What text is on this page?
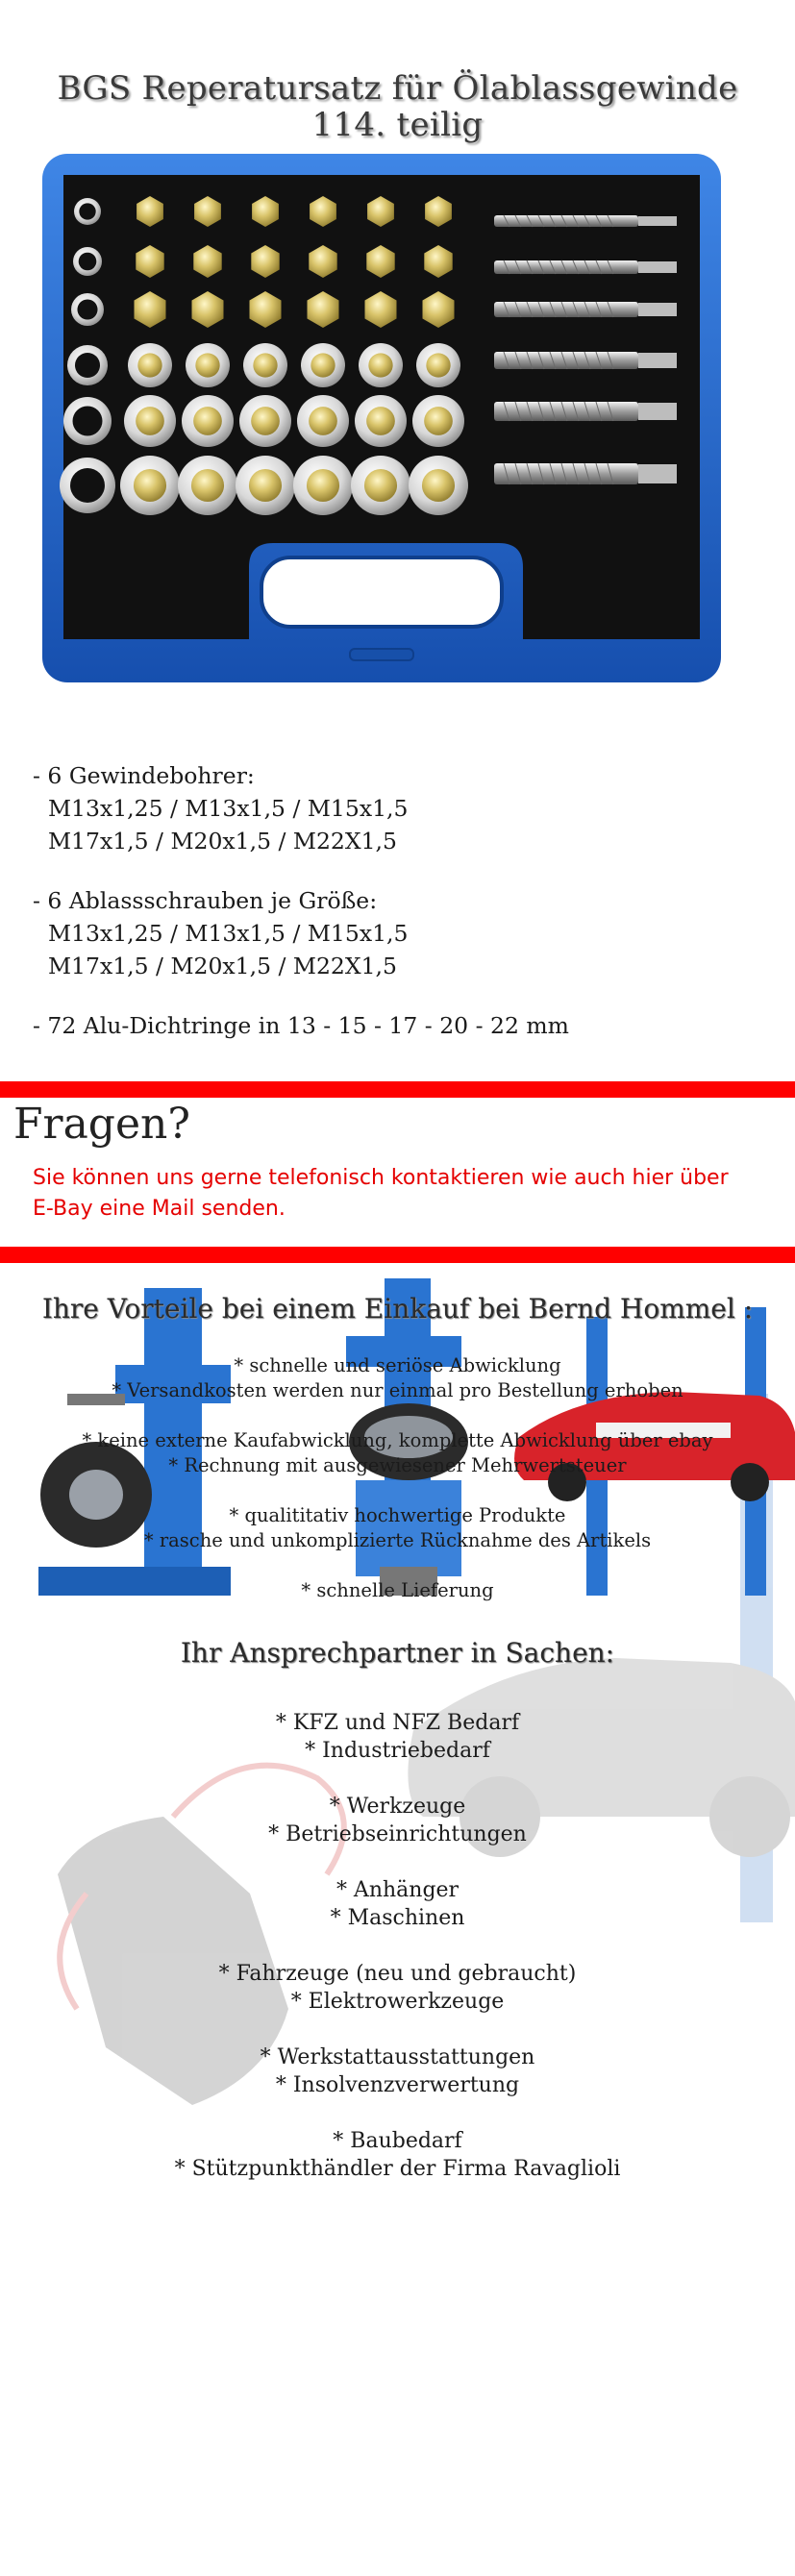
BGS Reperatursatz für Ölablassgewinde
114. teilig
- 6 Gewindebohrer:
M13x1,25 / M13x1,5 / M15x1,5
M17x1,5 / M20x1,5 / M22X1,5
- 6 Ablassschrauben je Größe:
M13x1,25 / M13x1,5 / M15x1,5
M17x1,5 / M20x1,5 / M22X1,5
- 72 Alu-Dichtringe in 13 - 15 - 17 - 20 - 22 mm
Fragen?
Sie können uns gerne telefonisch kontaktieren wie auch hier über E-Bay eine Mail senden.
Ihre Vorteile bei einem Einkauf bei Bernd Hommel :
* schnelle und seriöse Abwicklung
* Versandkosten werden nur einmal pro Bestellung erhoben
* keine externe Kaufabwicklung, komplette Abwicklung über ebay
* Rechnung mit ausgewiesener Mehrwertsteuer
* qualititativ hochwertige Produkte
* rasche und unkomplizierte Rücknahme des Artikels
* schnelle Lieferung
Ihr Ansprechpartner in Sachen:
* KFZ und NFZ Bedarf
* Industriebedarf
* Werkzeuge
* Betriebseinrichtungen
* Anhänger
* Maschinen
* Fahrzeuge (neu und gebraucht)
* Elektrowerkzeuge
* Werkstattausstattungen
* Insolvenzverwertung
* Baubedarf
* Stützpunkthändler der Firma Ravaglioli
